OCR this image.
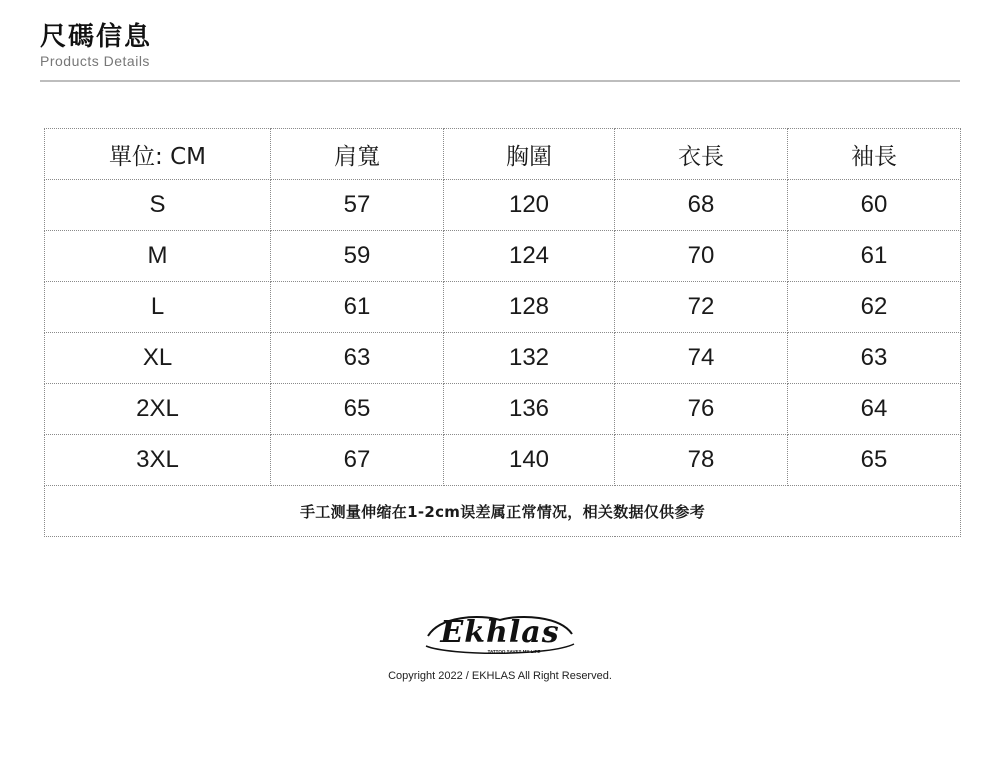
尺碼信息
Products Details
單位: CM	肩寬	胸圍	衣長	袖長
S	57	120	68	60
M	59	124	70	61
L	61	128	72	62
XL	63	132	74	63
2XL	65	136	76	64
3XL	67	140	78	65
手工测量伸缩在1-2cm误差属正常情况，相关数据仅供参考				
Ekhlas
TATTOO SAVES MY LIFE
Copyright 2022 / EKHLAS All Right Reserved.
